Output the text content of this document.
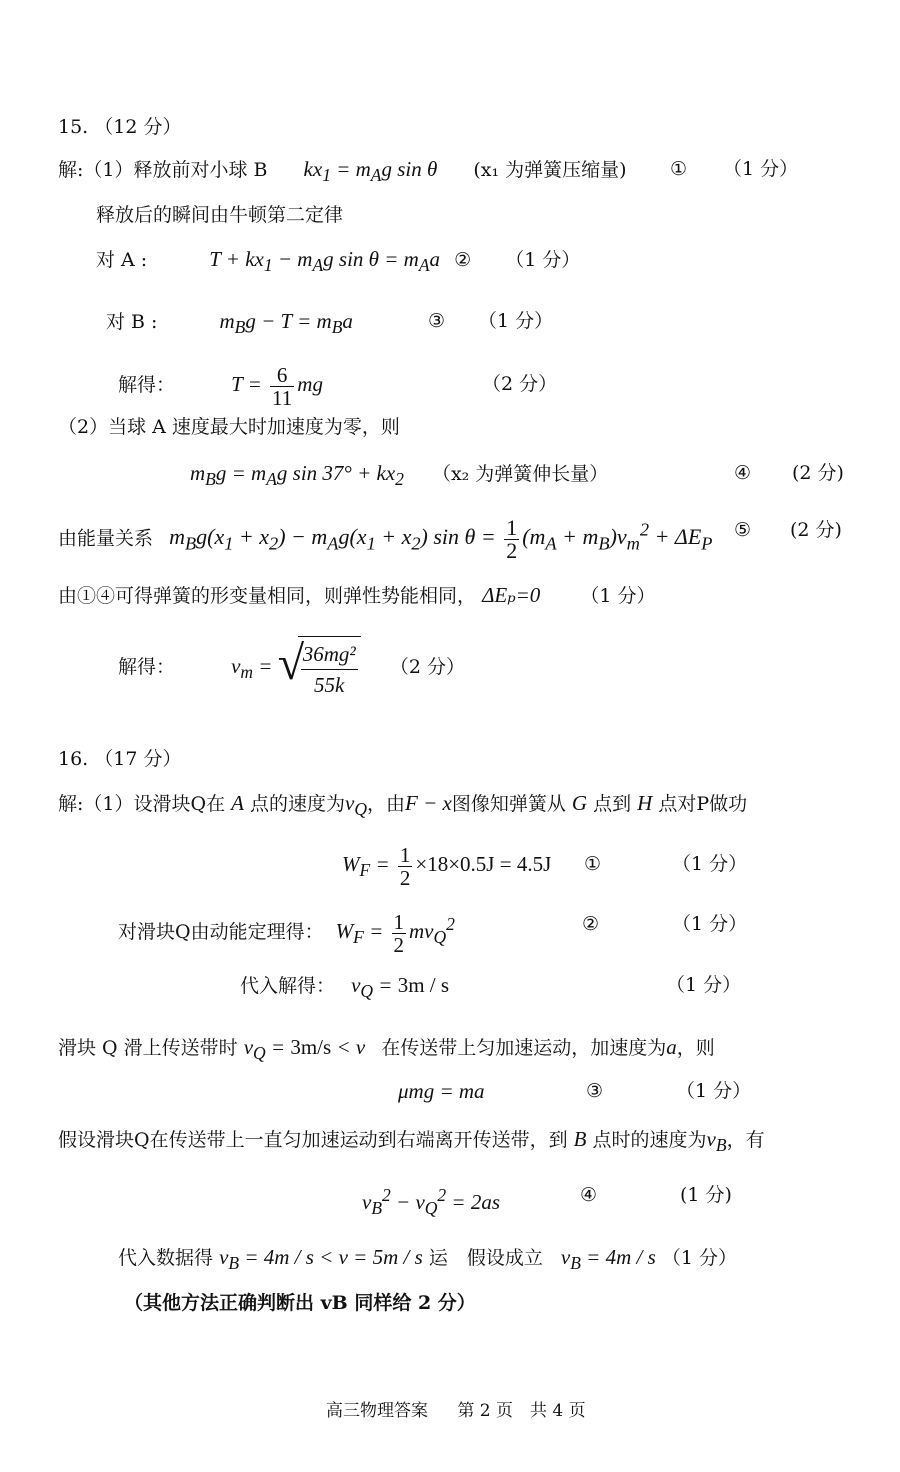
15. （12 分）
解:（1）释放前对小球 B $kx_1 = m_Ag$ sin θ (x₁ 为弹簧压缩量) ① （1 分）
释放后的瞬间由牛顿第二定律
对 A :	$T + kx_1 - m_Ag$ $\sin \theta = m_Aa$ ② （1 分）
对 B :	$m_Bg - T = m_Ba$	③ （1 分）
解得：	$T = \frac{6}{11}$ mg	（2 分）
（2）当球 A 速度最大时加速度为零，则
$m_Bg = m_Ag$ $\sin 37^\circ + kx_2$ （x₂ 为弹簧伸长量）	④ (2 分)
由能量关系 $m_Bg(x_1 + x_2) - m_Ag(x_1 + x_2)$ $\sin \theta = \frac{1}{2} (m_A + m_B)v_m^2 + \Delta E_P$
⑤ (2 分)
由①④可得弹簧的形变量相同，则弹性势能相同， ΔEₚ=0 （1 分）
解得：	$v_m$ = √
$\frac{\text{36mg²}}{55k} (2$ 分）
16. （17 分）
解:（1）设滑块Q在 A 点的速度为$v_Q$，由F − x图像知弹簧从 G 点到 H 点对P做功
$W_F = \frac{1}{2} \times 18\times 0.5J = 4.5J$ ①	（1 分）
对滑块Q由动能定理得： $W_F = \frac{1}{2} mv_Q^2$	②	（1 分）
代入解得： $v_Q = 3m / s$	（1 分）
滑块 Q 滑上传送带时 $v_Q = 3m/s < v$ 在传送带上匀加速运动，加速度为a，则
μmg = ma	③	（1 分）
假设滑块Q在传送带上一直匀加速运动到右端离开传送带，到 B 点时的速度为$v_B$，有
$v_B^2 - v_Q^2 = 2as$	④	(1 分)
代入数据得 $v_B = 4m / s < v = 5m / s$ 运　假设成立 $v_B = 4m / s$ （1 分）
（其他方法正确判断出 vB 同样给 2 分）
高三物理答案 第 2 页　共 4 页
